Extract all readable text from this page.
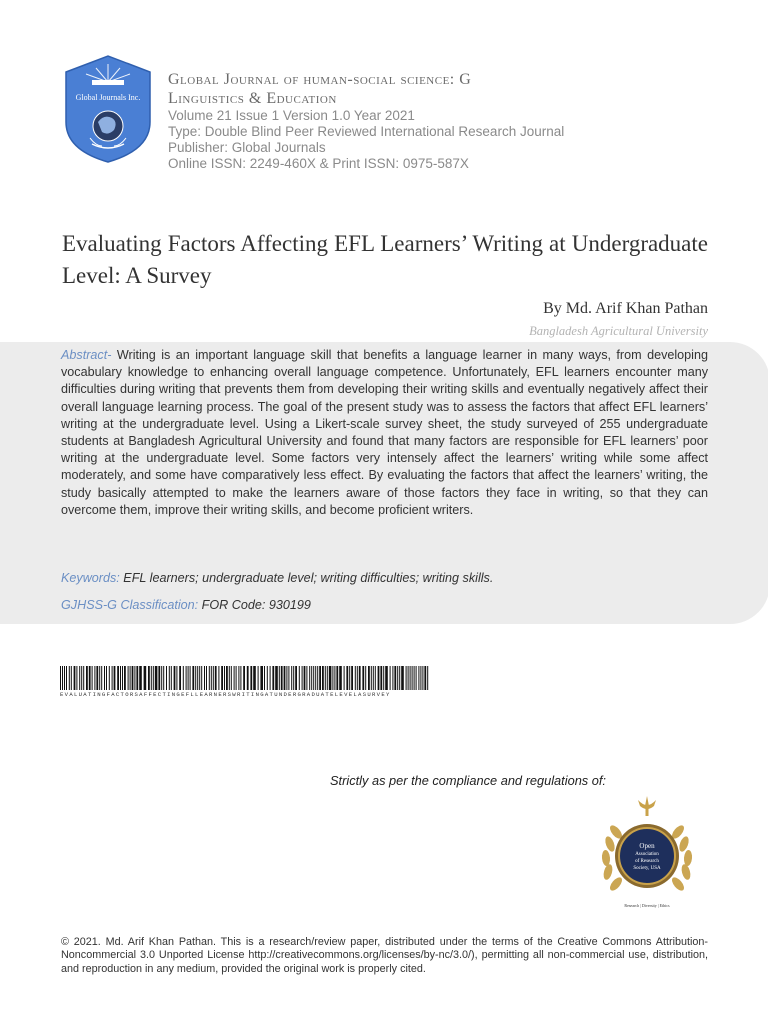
Global Journals Inc.
Global Journal of human-social science: G
Linguistics & Education
Volume 21 Issue 1 Version 1.0 Year 2021
Type: Double Blind Peer Reviewed International Research Journal
Publisher: Global Journals
Online ISSN: 2249-460X & Print ISSN: 0975-587X
Evaluating Factors Affecting EFL Learners’ Writing at Undergraduate Level: A Survey
By Md. Arif Khan Pathan
Bangladesh Agricultural University
Abstract- Writing is an important language skill that benefits a language learner in many ways, from developing vocabulary knowledge to enhancing overall language competence. Unfortunately, EFL learners encounter many difficulties during writing that prevents them from developing their writing skills and eventually negatively affect their overall language learning process. The goal of the present study was to assess the factors that affect EFL learners’ writing at the undergraduate level. Using a Likert-scale survey sheet, the study surveyed of 255 undergraduate students at Bangladesh Agricultural University and found that many factors are responsible for EFL learners’ poor writing at the undergraduate level. Some factors very intensely affect the learners’ writing while some affect moderately, and some have comparatively less effect. By evaluating the factors that affect the learners’ writing, the study basically attempted to make the learners aware of those factors they face in writing, so that they can overcome them, improve their writing skills, and become proficient writers.
Keywords: EFL learners; undergraduate level; writing difficulties; writing skills.
GJHSS-G Classification: FOR Code: 930199
EVALUATINGFACTORSAFFECTINGEFLLEARNERSWRITINGATUNDERGRADUATELEVELASURVEY
Strictly as per the compliance and regulations of:
Open
Association
of Research
Society, USA
Research | Diversity | Ethics
© 2021. Md. Arif Khan Pathan. This is a research/review paper, distributed under the terms of the Creative Commons Attribution-Noncommercial 3.0 Unported License http://creativecommons.org/licenses/by-nc/3.0/), permitting all non-commercial use, distribution, and reproduction in any medium, provided the original work is properly cited.
